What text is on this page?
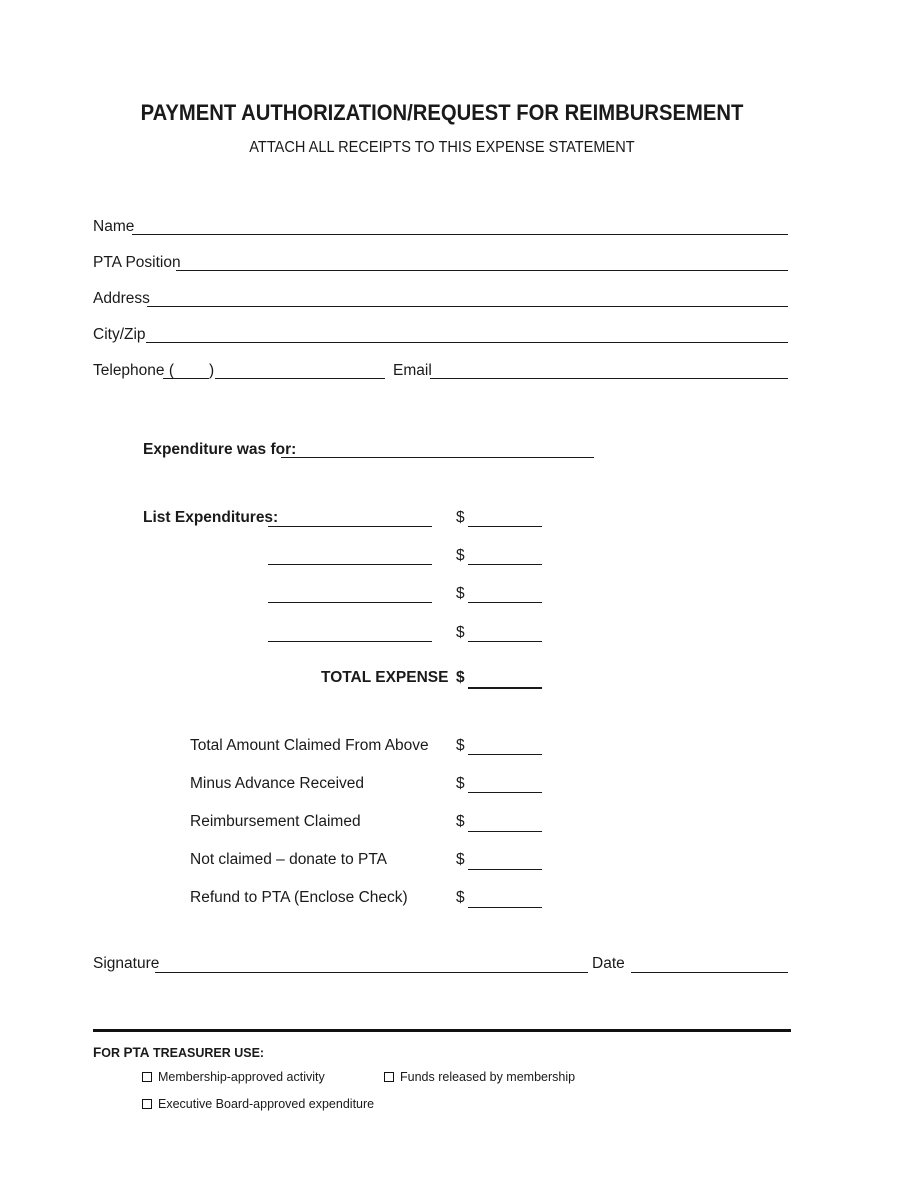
PAYMENT AUTHORIZATION/REQUEST FOR REIMBURSEMENT
ATTACH ALL RECEIPTS TO THIS EXPENSE STATEMENT
Name
PTA Position
Address
City/Zip
Telephone ( )	Email
Expenditure was for:
List Expenditures:	$
$
$
$
TOTAL EXPENSE $
Total Amount Claimed From Above $
Minus Advance Received	$
Reimbursement Claimed	$
Not claimed – donate to PTA	$
Refund to PTA (Enclose Check)	$
Signature	Date
FOR PTA TREASURER USE:
Membership-approved activity	Funds released by membership
Executive Board-approved expenditure
